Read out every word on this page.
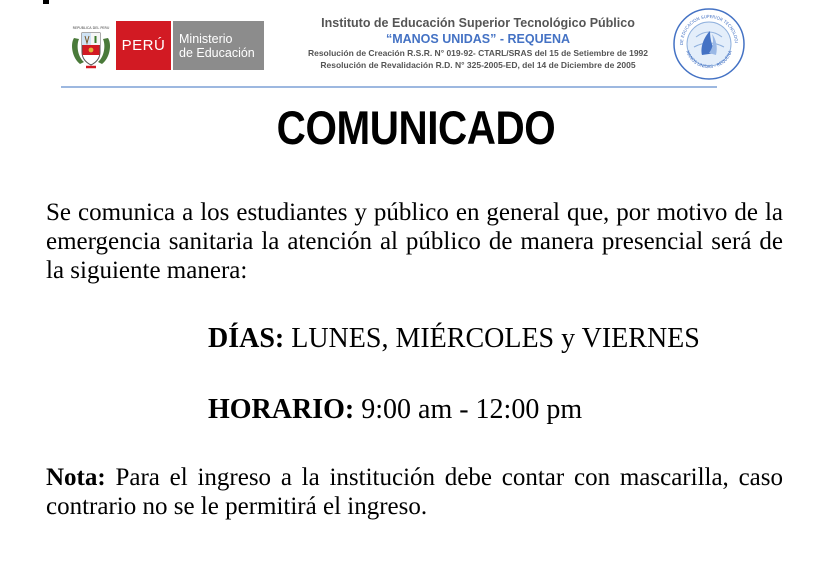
REPUBLICA DEL PERU
PERÚ Ministerio
de Educación
Instituto de Educación Superior Tecnológico Público
“MANOS UNIDAS” - REQUENA
Resolución de Creación R.S.R. N° 019-92- CTARL/SRAS del 15 de Setiembre de 1992
Resolución de Revalidación R.D. N° 325-2005-ED, del 14 de Diciembre de 2005
DE EDUCACION SUPERIOR TECNOLOGI
MANOS UNIDAS - REQUENA
COMUNICADO
Se comunica a los estudiantes y público en general que, por motivo de la emergencia sanitaria la atención al público de manera presencial será de la siguiente manera:
DÍAS: LUNES, MIÉRCOLES y VIERNES
HORARIO: 9:00 am - 12:00 pm
Nota: Para el ingreso a la institución debe contar con mascarilla, caso contrario no se le permitirá el ingreso.
